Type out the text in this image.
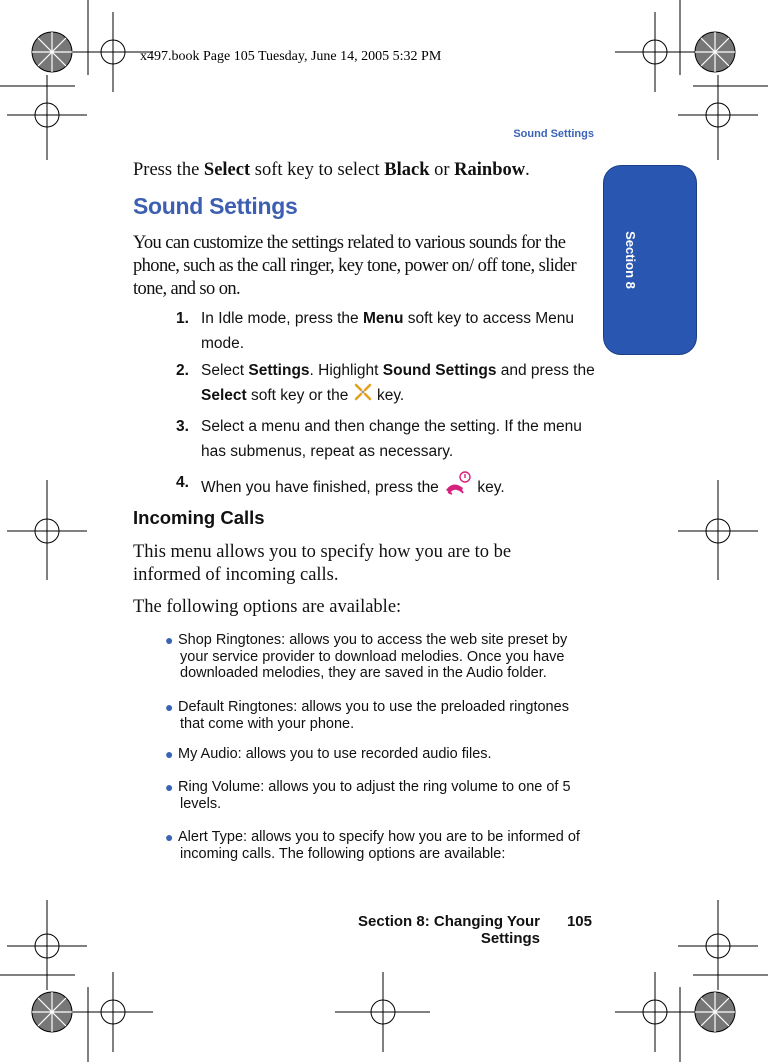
x497.book Page 105 Tuesday, June 14, 2005 5:32 PM
Sound Settings
Section 8
Press the Select soft key to select Black or Rainbow.
Sound Settings
You can customize the settings related to various sounds for the phone, such as the call ringer, key tone, power on/ off tone, slider tone, and so on.
1. In Idle mode, press the Menu soft key to access Menu mode.
2. Select Settings. Highlight Sound Settings and press the Select soft key or the  key.
3. Select a menu and then change the setting. If the menu has submenus, repeat as necessary.
4. When you have finished, press the  key.
Incoming Calls
This menu allows you to specify how you are to be informed of incoming calls.
The following options are available:
● Shop Ringtones: allows you to access the web site preset by
your service provider to download melodies. Once you have downloaded melodies, they are saved in the Audio folder.
● Default Ringtones: allows you to use the preloaded ringtones
that come with your phone.
● My Audio: allows you to use recorded audio files.
● Ring Volume: allows you to adjust the ring volume to one of 5
levels.
● Alert Type: allows you to specify how you are to be informed of
incoming calls. The following options are available:
Section 8: Changing Your Settings
105
